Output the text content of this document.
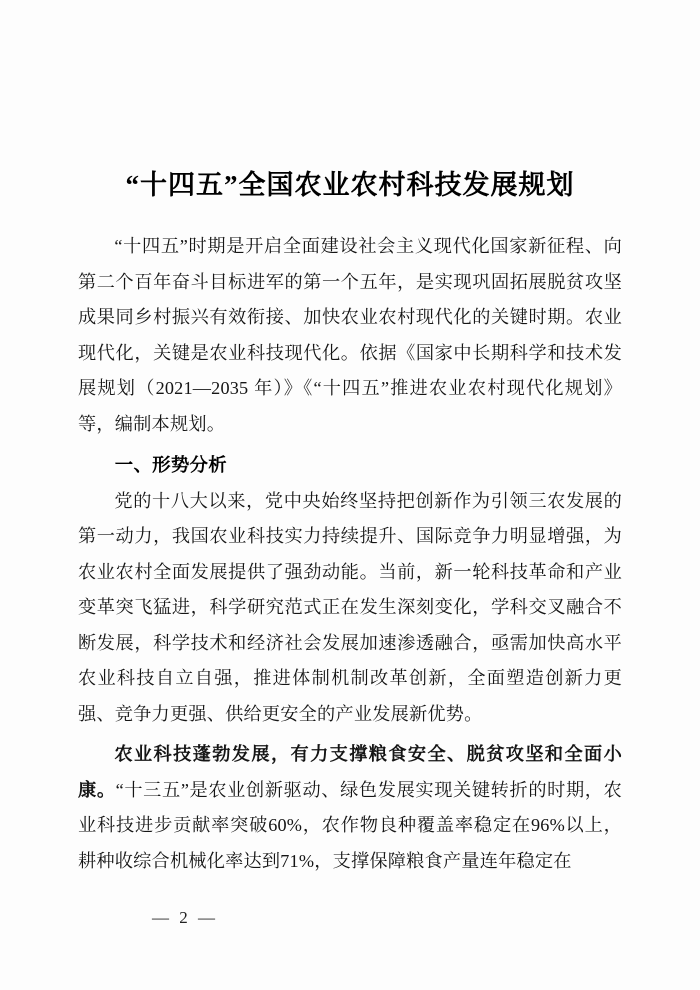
“十四五”全国农业农村科技发展规划

“十四五”时期是开启全面建设社会主义现代化国家新征程、向第二个百年奋斗目标进军的第一个五年，是实现巩固拓展脱贫攻坚成果同乡村振兴有效衔接、加快农业农村现代化的关键时期。农业现代化，关键是农业科技现代化。依据《国家中长期科学和技术发展规划（2021—2035 年）》《“十四五”推进农业农村现代化规划》等，编制本规划。

一、形势分析

党的十八大以来，党中央始终坚持把创新作为引领三农发展的第一动力，我国农业科技实力持续提升、国际竞争力明显增强，为农业农村全面发展提供了强劲动能。当前，新一轮科技革命和产业变革突飞猛进，科学研究范式正在发生深刻变化，学科交叉融合不断发展，科学技术和经济社会发展加速渗透融合，亟需加快高水平农业科技自立自强，推进体制机制改革创新，全面塑造创新力更强、竞争力更强、供给更安全的产业发展新优势。

农业科技蓬勃发展，有力支撑粮食安全、脱贫攻坚和全面小康。“十三五”是农业创新驱动、绿色发展实现关键转折的时期，农业科技进步贡献率突破60%，农作物良种覆盖率稳定在96%以上，耕种收综合机械化率达到71%，支撑保障粮食产量连年稳定在

— 2 —
